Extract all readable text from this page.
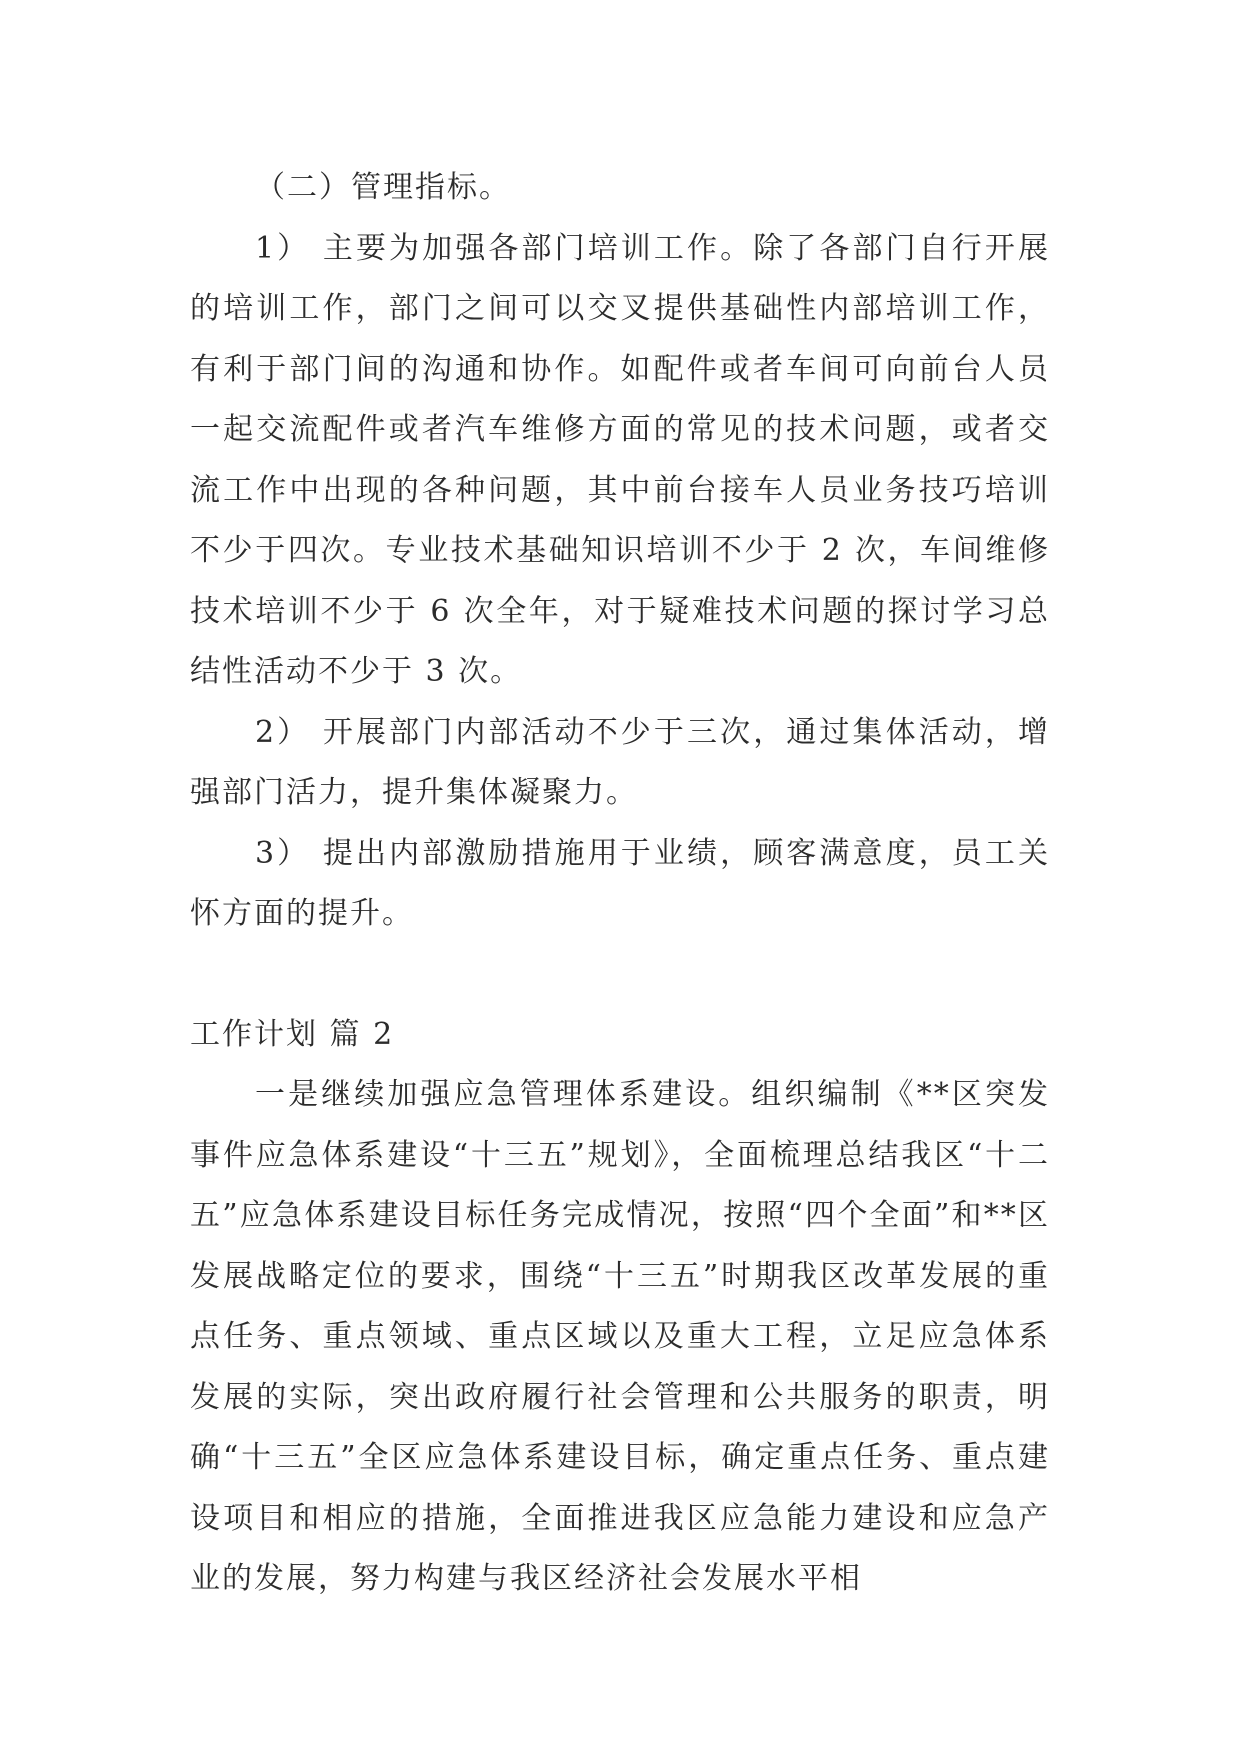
（二）管理指标。

1） 主要为加强各部门培训工作。除了各部门自行开展的培训工作，部门之间可以交叉提供基础性内部培训工作，有利于部门间的沟通和协作。如配件或者车间可向前台人员一起交流配件或者汽车维修方面的常见的技术问题，或者交流工作中出现的各种问题，其中前台接车人员业务技巧培训不少于四次。专业技术基础知识培训不少于 2 次，车间维修技术培训不少于 6 次全年，对于疑难技术问题的探讨学习总结性活动不少于 3 次。

2） 开展部门内部活动不少于三次，通过集体活动，增强部门活力，提升集体凝聚力。

3） 提出内部激励措施用于业绩，顾客满意度，员工关怀方面的提升。

工作计划 篇 2

一是继续加强应急管理体系建设。组织编制《**区突发事件应急体系建设“十三五”规划》，全面梳理总结我区“十二五”应急体系建设目标任务完成情况，按照“四个全面”和**区发展战略定位的要求，围绕“十三五”时期我区改革发展的重点任务、重点领域、重点区域以及重大工程，立足应急体系发展的实际，突出政府履行社会管理和公共服务的职责，明确“十三五”全区应急体系建设目标，确定重点任务、重点建设项目和相应的措施，全面推进我区应急能力建设和应急产业的发展，努力构建与我区经济社会发展水平相
